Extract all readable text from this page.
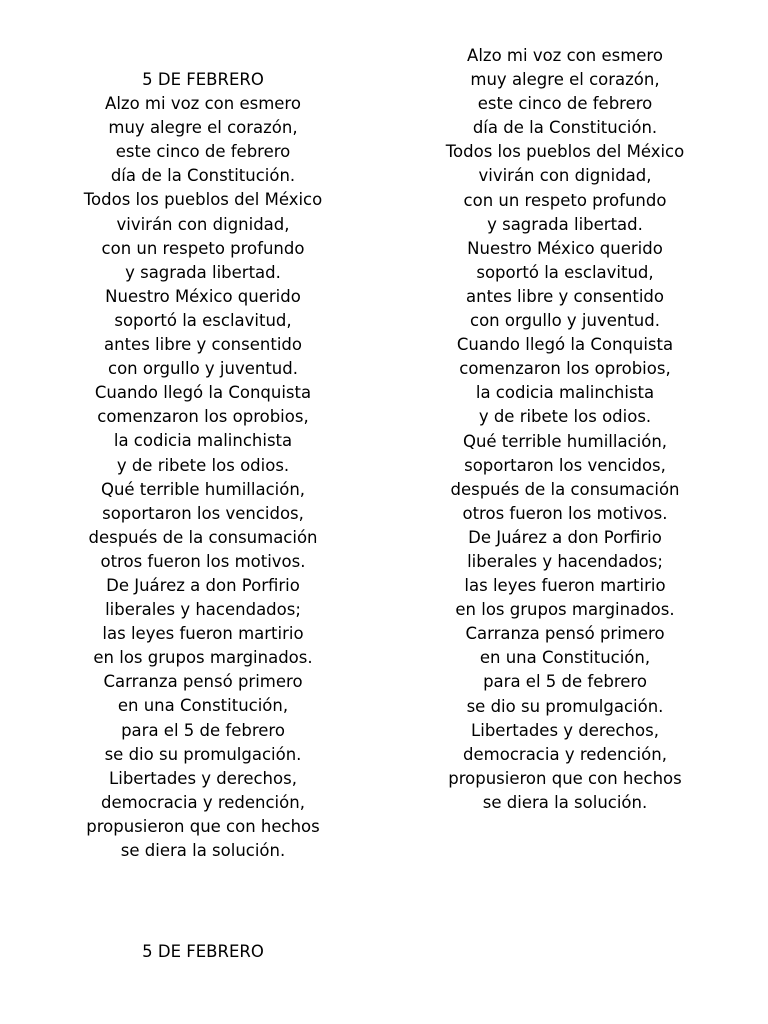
5 DE FEBRERO
Alzo mi voz con esmero
muy alegre el corazón,
este cinco de febrero
día de la Constitución.
Todos los pueblos del México
vivirán con dignidad,
con un respeto profundo
y sagrada libertad.
Nuestro México querido
soportó la esclavitud,
antes libre y consentido
con orgullo y juventud.
Cuando llegó la Conquista
comenzaron los oprobios,
la codicia malinchista
y de ribete los odios.
Qué terrible humillación,
soportaron los vencidos,
después de la consumación
otros fueron los motivos.
De Juárez a don Porfirio
liberales y hacendados;
las leyes fueron martirio
en los grupos marginados.
Carranza pensó primero
en una Constitución,
para el 5 de febrero
se dio su promulgación.
Libertades y derechos,
democracia y redención,
propusieron que con hechos
se diera la solución.
Alzo mi voz con esmero
muy alegre el corazón,
este cinco de febrero
día de la Constitución.
Todos los pueblos del México
vivirán con dignidad,
con un respeto profundo
y sagrada libertad.
Nuestro México querido
soportó la esclavitud,
antes libre y consentido
con orgullo y juventud.
Cuando llegó la Conquista
comenzaron los oprobios,
la codicia malinchista
y de ribete los odios.
Qué terrible humillación,
soportaron los vencidos,
después de la consumación
otros fueron los motivos.
De Juárez a don Porfirio
liberales y hacendados;
las leyes fueron martirio
en los grupos marginados.
Carranza pensó primero
en una Constitución,
para el 5 de febrero
se dio su promulgación.
Libertades y derechos,
democracia y redención,
propusieron que con hechos
se diera la solución.
5 DE FEBRERO
